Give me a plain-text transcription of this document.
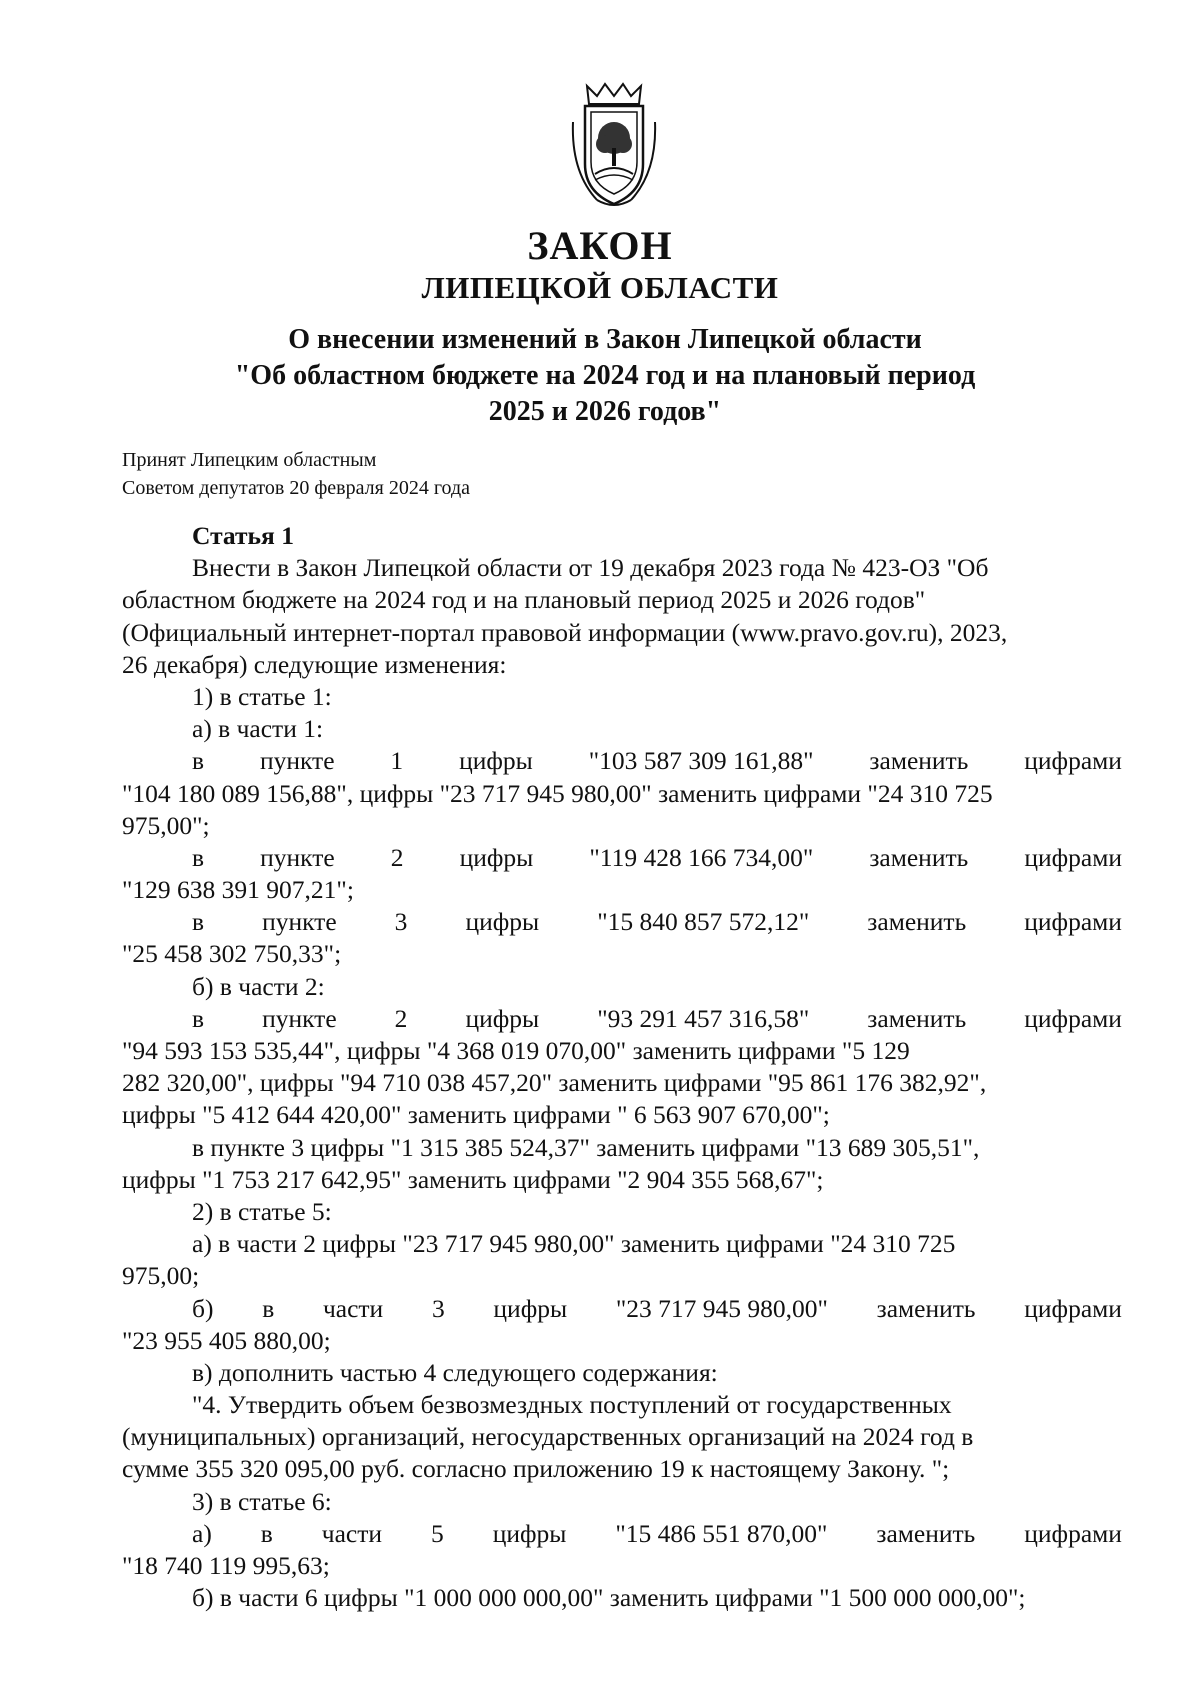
ЗАКОН
ЛИПЕЦКОЙ ОБЛАСТИ
О внесении изменений в Закон Липецкой области
"Об областном бюджете на 2024 год и на плановый период
2025 и 2026 годов"
Принят Липецким областным
Советом депутатов 20 февраля 2024 года
Статья 1
Внести в Закон Липецкой области от 19 декабря 2023 года № 423-ОЗ "Об
областном бюджете на 2024 год и на плановый период 2025 и 2026 годов"
(Официальный интернет-портал правовой информации (www.pravo.gov.ru), 2023,
26 декабря) следующие изменения:
1) в статье 1:
а) в части 1:
в пункте 1 цифры "103 587 309 161,88" заменить цифрами
"104 180 089 156,88", цифры "23 717 945 980,00" заменить цифрами "24 310 725
975,00";
в пункте 2 цифры "119 428 166 734,00" заменить цифрами
"129 638 391 907,21";
в пункте 3 цифры "15 840 857 572,12" заменить цифрами
"25 458 302 750,33";
б) в части 2:
в пункте 2 цифры "93 291 457 316,58" заменить цифрами
"94 593 153 535,44", цифры "4 368 019 070,00" заменить цифрами "5 129
282 320,00", цифры "94 710 038 457,20" заменить цифрами "95 861 176 382,92",
цифры "5 412 644 420,00" заменить цифрами " 6 563 907 670,00";
в пункте 3 цифры "1 315 385 524,37" заменить цифрами "13 689 305,51",
цифры "1 753 217 642,95" заменить цифрами "2 904 355 568,67";
2) в статье 5:
а) в части 2 цифры "23 717 945 980,00" заменить цифрами "24 310 725
975,00;
б) в части 3 цифры "23 717 945 980,00" заменить цифрами
"23 955 405 880,00;
в) дополнить частью 4 следующего содержания:
"4. Утвердить объем безвозмездных поступлений от государственных
(муниципальных) организаций, негосударственных организаций на 2024 год в
сумме 355 320 095,00 руб. согласно приложению 19 к настоящему Закону. ";
3) в статье 6:
а) в части 5 цифры "15 486 551 870,00" заменить цифрами
"18 740 119 995,63;
б) в части 6 цифры "1 000 000 000,00" заменить цифрами "1 500 000 000,00";
